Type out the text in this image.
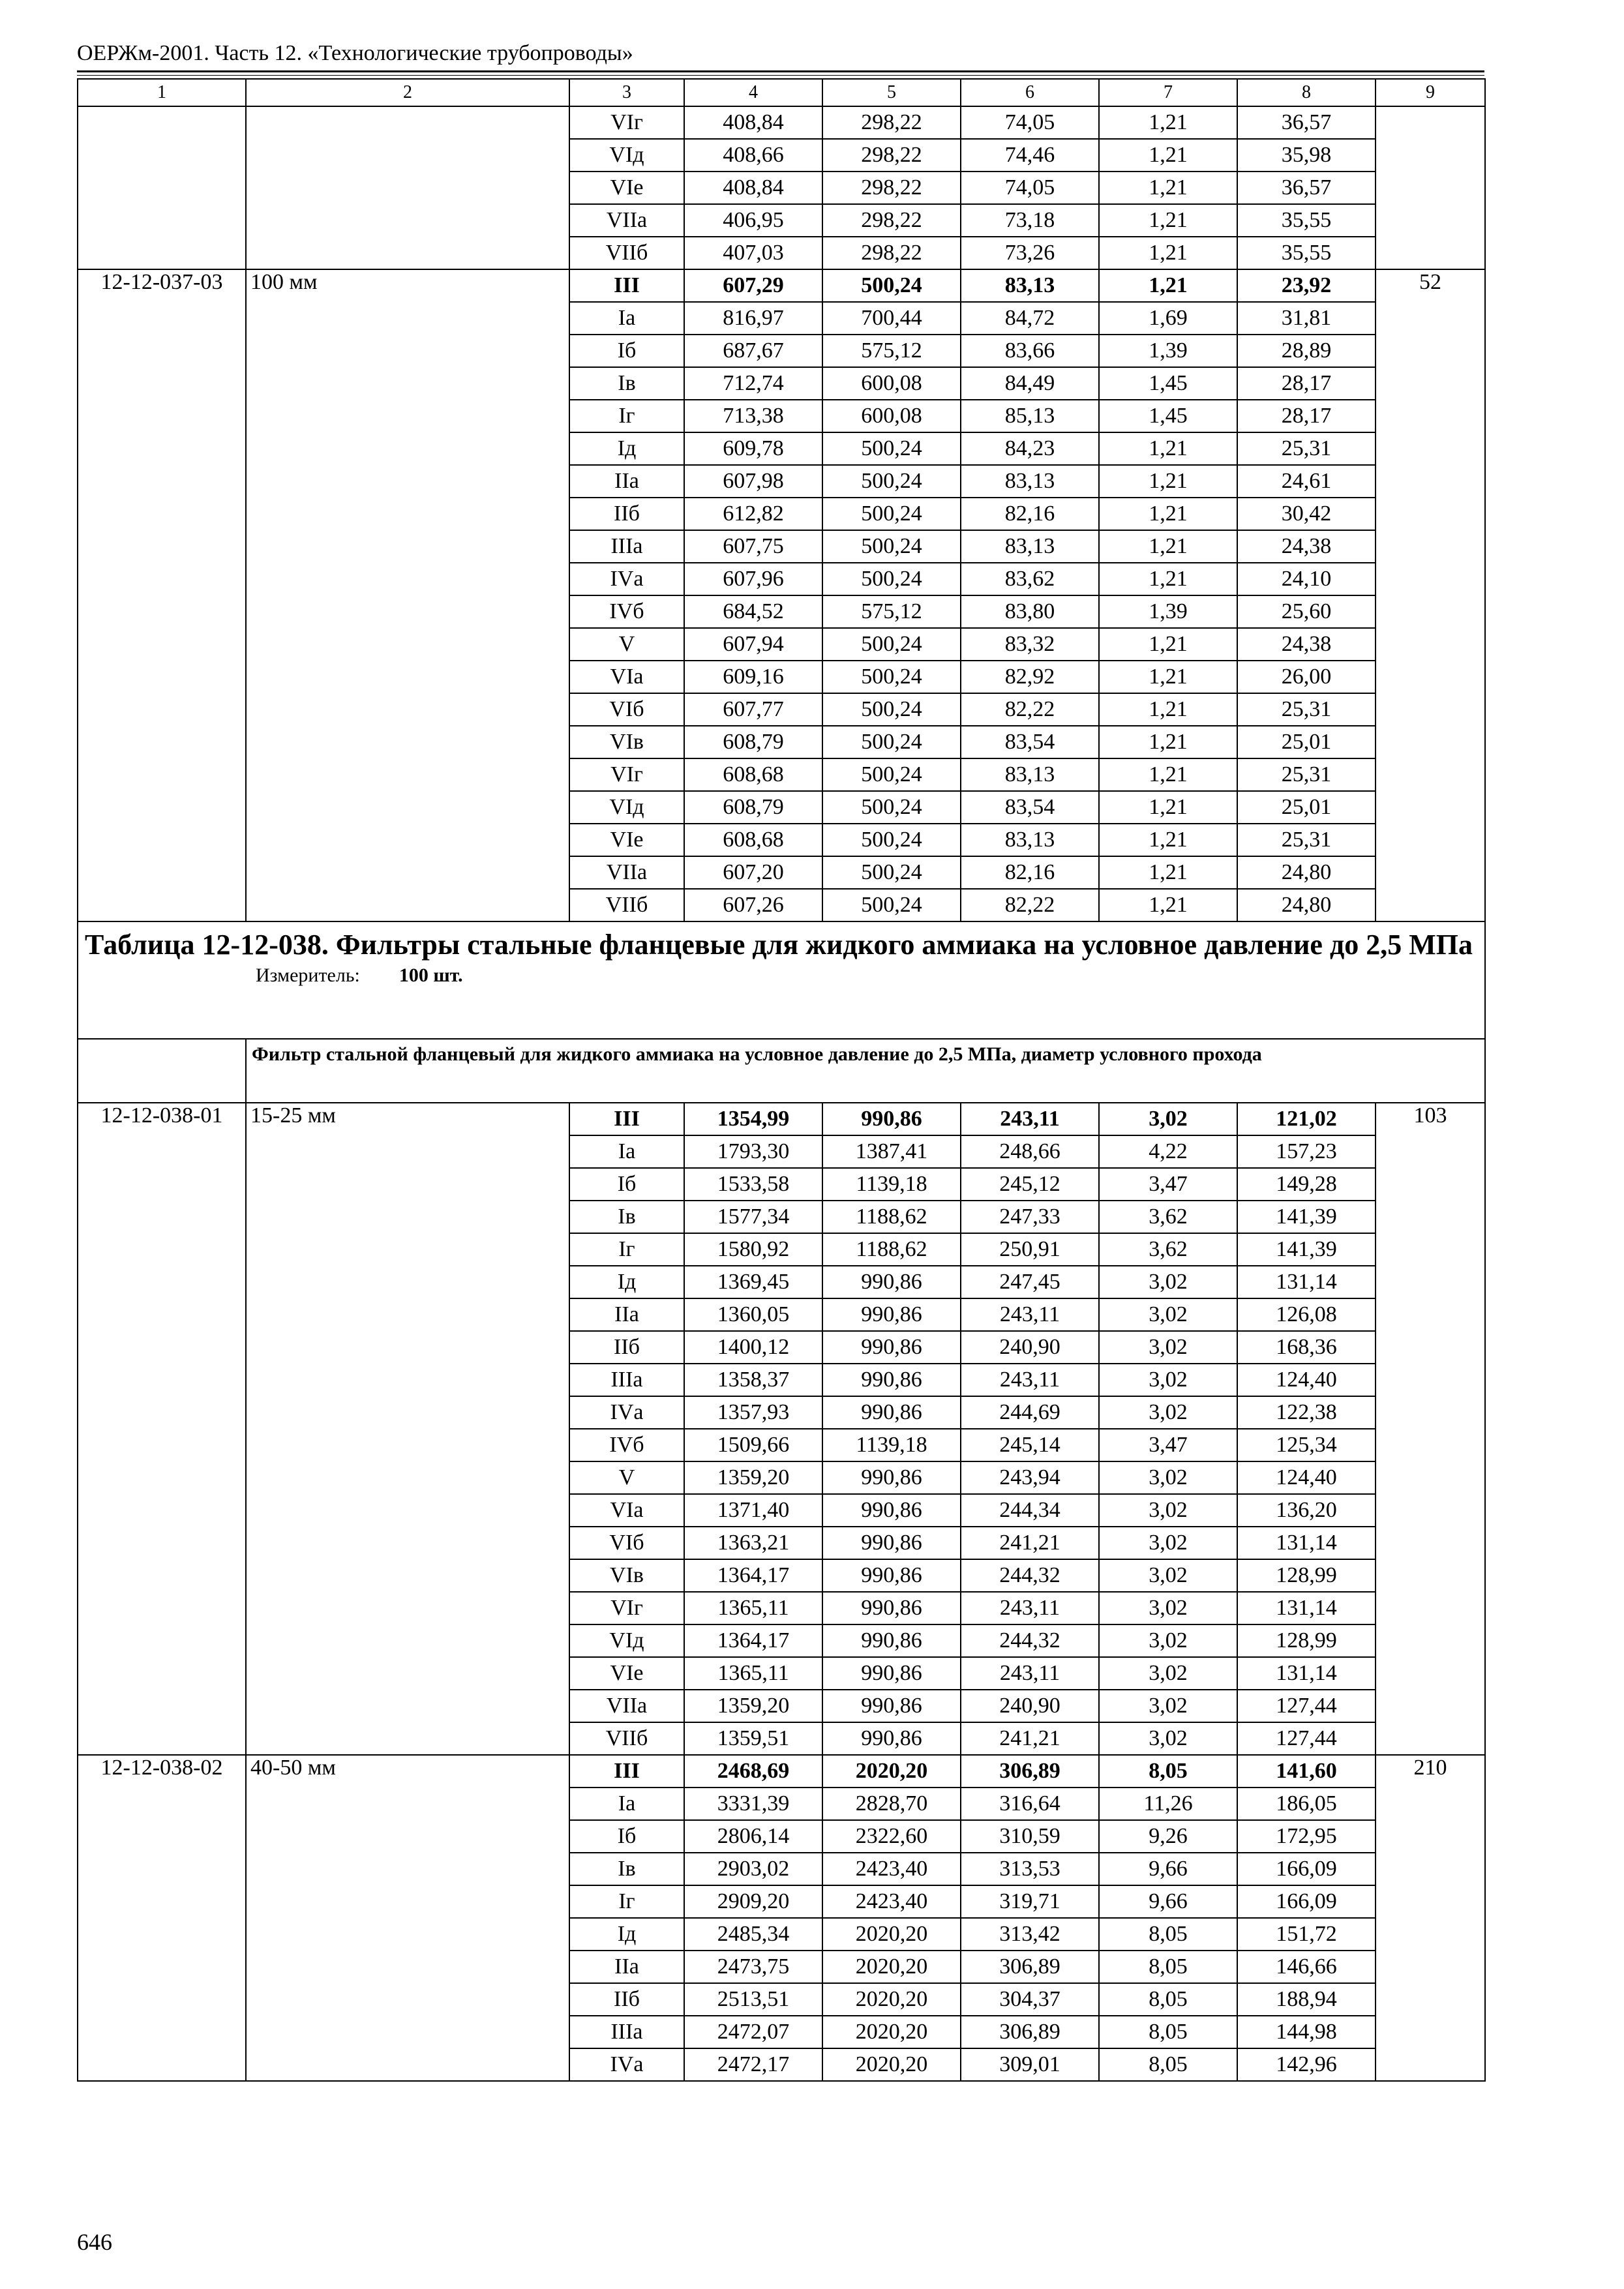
ОЕРЖм-2001. Часть 12. «Технологические трубопроводы»
1	2	3	4	5	6	7	8	9
		VIг	408,84	298,22	74,05	1,21	36,57	
		VIд	408,66	298,22	74,46	1,21	35,98	
		VIе	408,84	298,22	74,05	1,21	36,57	
		VIIа	406,95	298,22	73,18	1,21	35,55	
		VIIб	407,03	298,22	73,26	1,21	35,55	
12-12-037-03	100 мм	III	607,29	500,24	83,13	1,21	23,92	52
		Iа	816,97	700,44	84,72	1,69	31,81	
		Iб	687,67	575,12	83,66	1,39	28,89	
		Iв	712,74	600,08	84,49	1,45	28,17	
		Iг	713,38	600,08	85,13	1,45	28,17	
		Iд	609,78	500,24	84,23	1,21	25,31	
		IIа	607,98	500,24	83,13	1,21	24,61	
		IIб	612,82	500,24	82,16	1,21	30,42	
		IIIа	607,75	500,24	83,13	1,21	24,38	
		IVа	607,96	500,24	83,62	1,21	24,10	
		IVб	684,52	575,12	83,80	1,39	25,60	
		V	607,94	500,24	83,32	1,21	24,38	
		VIа	609,16	500,24	82,92	1,21	26,00	
		VIб	607,77	500,24	82,22	1,21	25,31	
		VIв	608,79	500,24	83,54	1,21	25,01	
		VIг	608,68	500,24	83,13	1,21	25,31	
		VIд	608,79	500,24	83,54	1,21	25,01	
		VIе	608,68	500,24	83,13	1,21	25,31	
		VIIа	607,20	500,24	82,16	1,21	24,80	
		VIIб	607,26	500,24	82,22	1,21	24,80	

Таблица 12-12-038. Фильтры стальные фланцевые для жидкого аммиака на условное давление до 2,5 МПа
Измеритель: 100 шт.								

	Фильтр стальной фланцевый для жидкого аммиака на условное давление до 2,5 МПа, диаметр условного прохода							
12-12-038-01	15-25 мм	III	1354,99	990,86	243,11	3,02	121,02	103
		Iа	1793,30	1387,41	248,66	4,22	157,23	
		Iб	1533,58	1139,18	245,12	3,47	149,28	
		Iв	1577,34	1188,62	247,33	3,62	141,39	
		Iг	1580,92	1188,62	250,91	3,62	141,39	
		Iд	1369,45	990,86	247,45	3,02	131,14	
		IIа	1360,05	990,86	243,11	3,02	126,08	
		IIб	1400,12	990,86	240,90	3,02	168,36	
		IIIа	1358,37	990,86	243,11	3,02	124,40	
		IVа	1357,93	990,86	244,69	3,02	122,38	
		IVб	1509,66	1139,18	245,14	3,47	125,34	
		V	1359,20	990,86	243,94	3,02	124,40	
		VIа	1371,40	990,86	244,34	3,02	136,20	
		VIб	1363,21	990,86	241,21	3,02	131,14	
		VIв	1364,17	990,86	244,32	3,02	128,99	
		VIг	1365,11	990,86	243,11	3,02	131,14	
		VIд	1364,17	990,86	244,32	3,02	128,99	
		VIе	1365,11	990,86	243,11	3,02	131,14	
		VIIа	1359,20	990,86	240,90	3,02	127,44	
		VIIб	1359,51	990,86	241,21	3,02	127,44	
12-12-038-02	40-50 мм	III	2468,69	2020,20	306,89	8,05	141,60	210
		Iа	3331,39	2828,70	316,64	11,26	186,05	
		Iб	2806,14	2322,60	310,59	9,26	172,95	
		Iв	2903,02	2423,40	313,53	9,66	166,09	
		Iг	2909,20	2423,40	319,71	9,66	166,09	
		Iд	2485,34	2020,20	313,42	8,05	151,72	
		IIа	2473,75	2020,20	306,89	8,05	146,66	
		IIб	2513,51	2020,20	304,37	8,05	188,94	
		IIIа	2472,07	2020,20	306,89	8,05	144,98	
		IVа	2472,17	2020,20	309,01	8,05	142,96	
646
